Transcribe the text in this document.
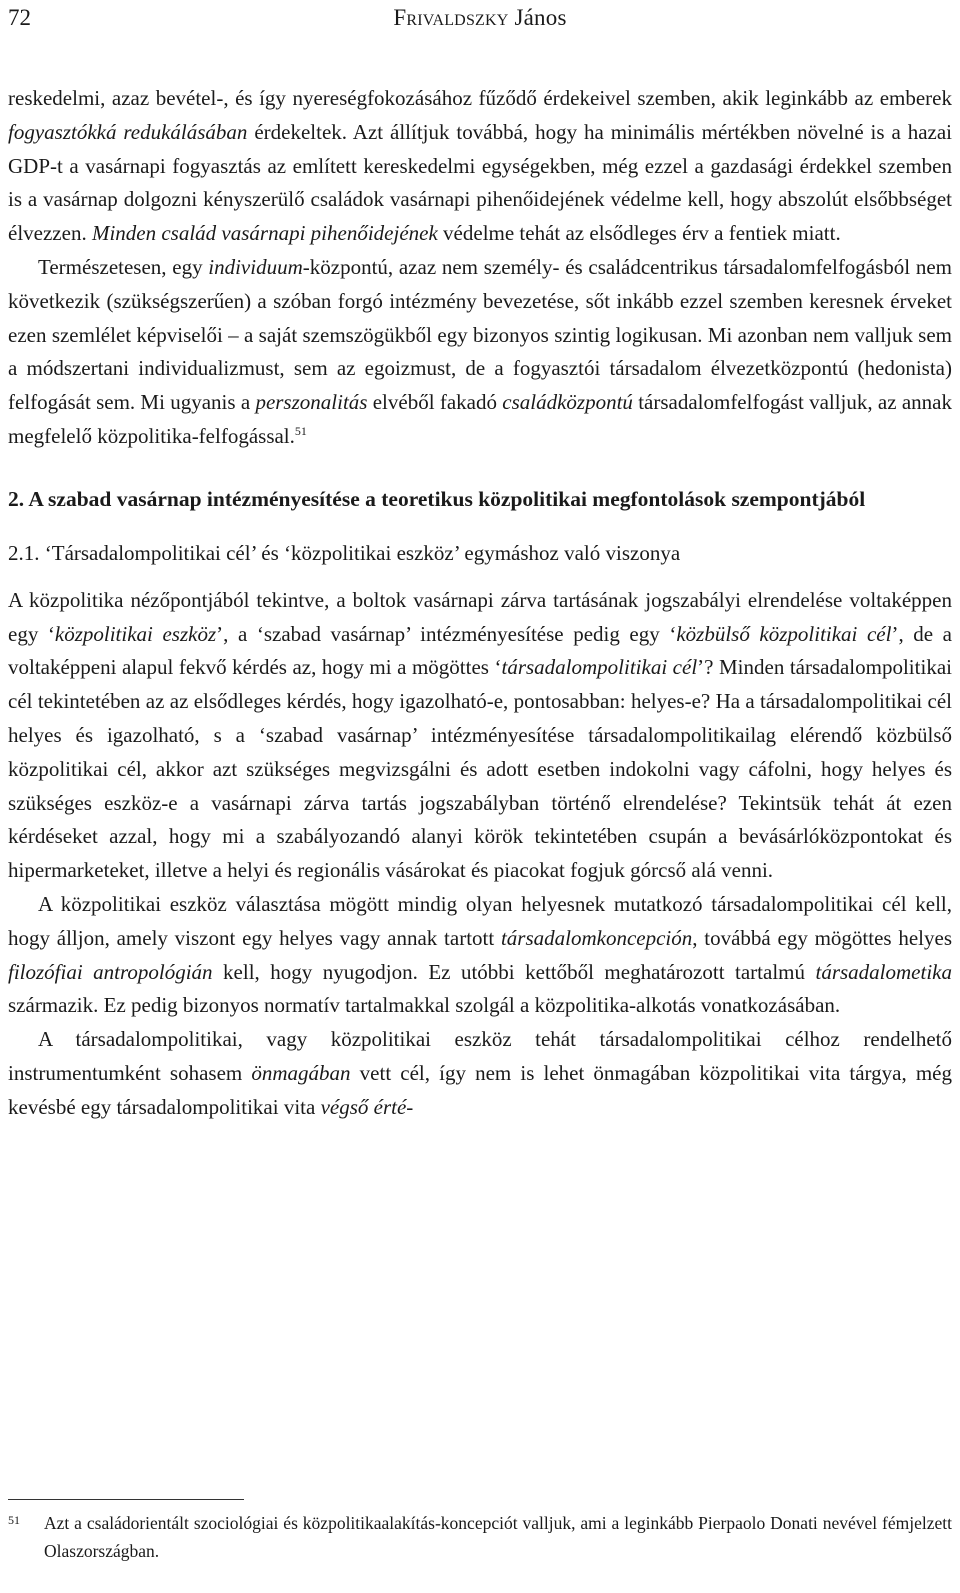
72	Frivaldszky János

reskedelmi, azaz bevétel-, és így nyereségfokozásához fűződő érdekeivel szemben, akik leginkább az emberek fogyasztókká redukálásában érdekeltek. Azt állítjuk továbbá, hogy ha minimális mértékben növelné is a hazai GDP-t a vasárnapi fogyasztás az említett kereskedelmi egységekben, még ezzel a gazdasági érdekkel szemben is a vasárnap dolgozni kényszerülő családok vasárnapi pihenőidejének védelme kell, hogy abszolút elsőbbséget élvezzen. Minden család vasárnapi pihenőidejének védelme tehát az elsődleges érv a fentiek miatt.

Természetesen, egy individuum-központú, azaz nem személy- és családcentrikus társadalomfelfogásból nem következik (szükségszerűen) a szóban forgó intézmény bevezetése, sőt inkább ezzel szemben keresnek érveket ezen szemlélet képviselői – a saját szemszögükből egy bizonyos szintig logikusan. Mi azonban nem valljuk sem a módszertani individualizmust, sem az egoizmust, de a fogyasztói társadalom élvezetközpontú (hedonista) felfogását sem. Mi ugyanis a perszonalitás elvéből fakadó családközpontú társadalomfelfogást valljuk, az annak megfelelő közpolitika-felfogással.$^{51}$

2. A szabad vasárnap intézményesítése a teoretikus közpolitikai megfontolások szempontjából
2.1. ‘Társadalompolitikai cél’ és ‘közpolitikai eszköz’ egymáshoz való viszonya

A közpolitika nézőpontjából tekintve, a boltok vasárnapi zárva tartásának jogszabályi elrendelése voltaképpen egy ‘közpolitikai eszköz’, a ‘szabad vasárnap’ intézményesítése pedig egy ‘közbülső közpolitikai cél’, de a voltaképpeni alapul fekvő kérdés az, hogy mi a mögöttes ‘társadalompolitikai cél’? Minden társadalompolitikai cél tekintetében az az elsődleges kérdés, hogy igazolható-e, pontosabban: helyes-e? Ha a társadalompolitikai cél helyes és igazolható, s a ‘szabad vasárnap’ intézményesítése társadalompolitikailag elérendő közbülső közpolitikai cél, akkor azt szükséges megvizsgálni és adott esetben indokolni vagy cáfolni, hogy helyes és szükséges eszköz-e a vasárnapi zárva tartás jogszabályban történő elrendelése? Tekintsük tehát át ezen kérdéseket azzal, hogy mi a szabályozandó alanyi körök tekintetében csupán a bevásárlóközpontokat és hipermarketeket, illetve a helyi és regionális vásárokat és piacokat fogjuk górcső alá venni.

A közpolitikai eszköz választása mögött mindig olyan helyesnek mutatkozó társadalompolitikai cél kell, hogy álljon, amely viszont egy helyes vagy annak tartott társadalomkoncepción, továbbá egy mögöttes helyes filozófiai antropológián kell, hogy nyugodjon. Ez utóbbi kettőből meghatározott tartalmú társadalometika származik. Ez pedig bizonyos normatív tartalmakkal szolgál a közpolitika-alkotás vonatkozásában.

A társadalompolitikai, vagy közpolitikai eszköz tehát társadalompolitikai célhoz rendelhető instrumentumként sohasem önmagában vett cél, így nem is lehet önmagában közpolitikai vita tárgya, még kevésbé egy társadalompolitikai vita végső érté-

51 Azt a családorientált szociológiai és közpolitikaalakítás-koncepciót valljuk, ami a leginkább Pierpaolo Donati nevével fémjelzett Olaszországban.
